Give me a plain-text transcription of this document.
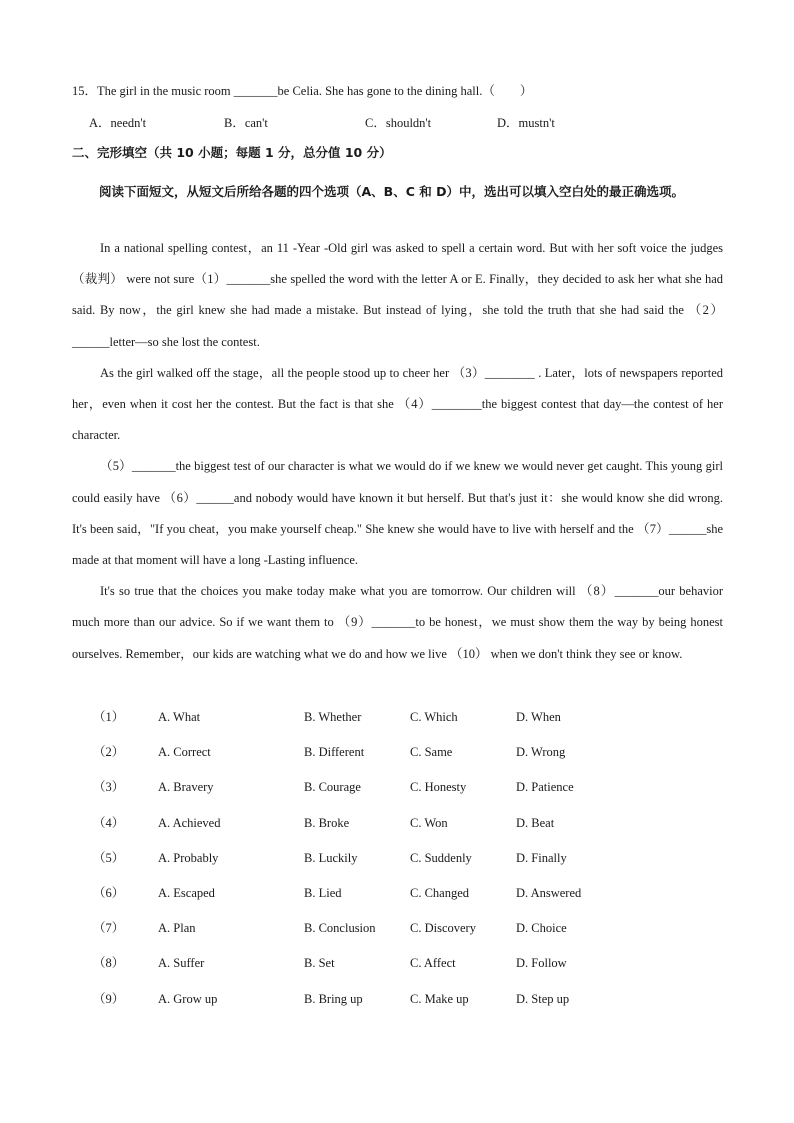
15．The girl in the music room _______be Celia. She has gone to the dining hall.（　　）
A．needn't	B．can't	C．shouldn't	D．mustn't
二、完形填空（共 10 小题；每题 1 分，总分值 10 分）
阅读下面短文，从短文后所给各题的四个选项（A、B、C 和 D）中，选出可以填入空白处的最正确选项。

In a national spelling contest，an 11 -Year -Old girl was asked to spell a certain word. But with her soft voice the judges（裁判） were not sure（1）_______she spelled the word with the letter A or E. Finally，they decided to ask her what she had said. By now，the girl knew she had made a mistake. But instead of lying，she told the truth that she had said the （2）______letter—so she lost the contest.

As the girl walked off the stage，all the people stood up to cheer her （3）________ . Later，lots of newspapers reported her，even when it cost her the contest. But the fact is that she （4）________the biggest contest that day—the contest of her character.

（5）_______the biggest test of our character is what we would do if we knew we would never get caught. This young girl could easily have （6）______and nobody would have known it but herself. But that's just it：she would know she did wrong. It's been said，"If you cheat，you make yourself cheap." She knew she would have to live with herself and the （7）______she made at that moment will have a long -Lasting influence.

It's so true that the choices you make today make what you are tomorrow. Our children will （8）_______our behavior much more than our advice. So if we want them to （9）_______to be honest，we must show them the way by being honest ourselves. Remember，our kids are watching what we do and how we live （10） when we don't think they see or know.

（1）	A. What	B. Whether	C. Which	D. When
（2）	A. Correct	B. Different	C. Same	D. Wrong
（3）	A. Bravery	B. Courage	C. Honesty	D. Patience
（4）	A. Achieved	B. Broke	C. Won	D. Beat
（5）	A. Probably	B. Luckily	C. Suddenly	D. Finally
（6）	A. Escaped	B. Lied	C. Changed	D. Answered
（7）	A. Plan	B. Conclusion	C. Discovery	D. Choice
（8）	A. Suffer	B. Set	C. Affect	D. Follow
（9）	A. Grow up	B. Bring up	C. Make up	D. Step up
